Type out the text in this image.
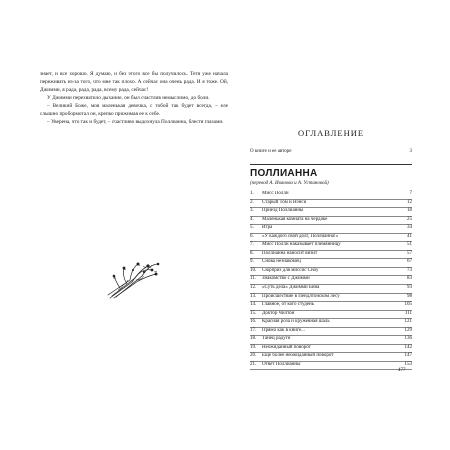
знает, и все хорошо. Я думаю, и без этого все бы получилось. Тетя уже начала переживать из-за того, что мне так плохо. А сейчас она очень рада. И я тоже. Ой, Джимми, я рада, рада, рада, всему рада, сейчас!

У Джимми перехватило дыхание, он был счастлив немыслимо, до боли.

– Великий Боже, моя маленькая девочка, с тобой так будет всегда, – еле слышно пробормотал он, крепко прижимая ее к себе.

– Уверена, что так и будет, – счастливо выдохнула Поллианна, блестя глазами.

ОГЛАВЛЕНИЕ
О книге и ее авторе	3
ПОЛЛИАННА
(перевод А. Иванова и А. Устиновой)
1.	Мисс Полли	7
2.	Старый Том и Нэнси	12
3.	Приезд Поллианны	18
4.	Маленькая комната на чердаке	25
5.	Игра	34
6.	«У каждого свой долг, Поллианна!»	41
7.	Мисс Полли наказывает племянницу	51
8.	Поллианна наносит визит	57
9.	Снова незнакомец	67
10.	Сюрприз для миссис Сноу	73
11.	Знакомство с Джимми	83
12.	«Суть дела» Джимми Бина	93
13.	Происшествие в Пендлтонском лесу	98
14.	Главное, от кого студень	105
15.	Доктор Чилтон	111
16.	Красная роза и кружевная шаль	121
17.	Прямо как в книге...	129
18.	Танец радуги	136
19.	Неожиданный поворот	142
20.	Еще более неожиданный поворот	147
21.	Ответ Поллианны	153
477
